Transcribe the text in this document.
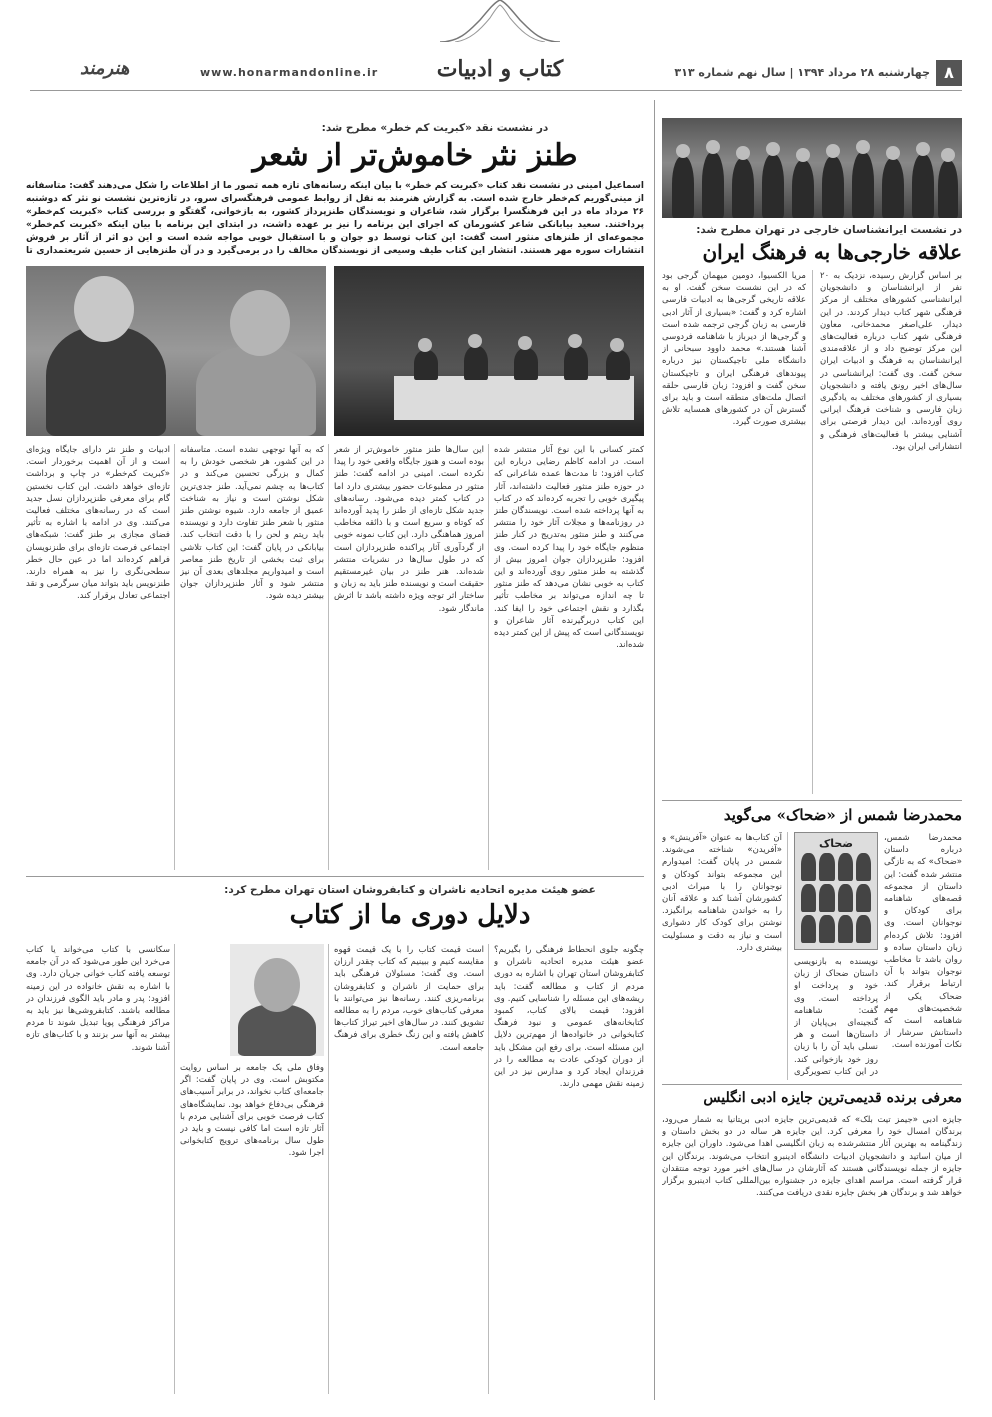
کتاب و ادبیات	۸
چهارشنبه ۲۸ مرداد ۱۳۹۴ | سال نهم شماره ۳۱۳
www.honarmandonline.ir
هنرمند
در نشست ایرانشناسان خارجی در تهران مطرح شد:
علاقه خارجی‌ها به فرهنگ ایران

بر اساس گزارش رسیده، نزدیک به ۲۰ نفر از ایرانشناسان و دانشجویان ایرانشناسی کشورهای مختلف از مرکز فرهنگی شهر کتاب دیدار کردند. در این دیدار، علی‌اصغر محمدخانی، معاون فرهنگی شهر کتاب درباره فعالیت‌های این مرکز توضیح داد و از علاقه‌مندی ایرانشناسان به فرهنگ و ادبیات ایران سخن گفت. وی گفت: ایرانشناسی در سال‌های اخیر رونق یافته و دانشجویان بسیاری از کشورهای مختلف به یادگیری زبان فارسی و شناخت فرهنگ ایرانی روی آورده‌اند. این دیدار فرصتی برای آشنایی بیشتر با فعالیت‌های فرهنگی و انتشاراتی ایران بود.

مریا الکسیوا، دومین میهمان گرجی بود که در این نشست سخن گفت. او به علاقه تاریخی گرجی‌ها به ادبیات فارسی اشاره کرد و گفت: «بسیاری از آثار ادبی فارسی به زبان گرجی ترجمه شده است و گرجی‌ها از دیرباز با شاهنامه فردوسی آشنا هستند.» محمد داوود سبحانی از دانشگاه ملی تاجیکستان نیز درباره پیوندهای فرهنگی ایران و تاجیکستان سخن گفت و افزود: زبان فارسی حلقه اتصال ملت‌های منطقه است و باید برای گسترش آن در کشورهای همسایه تلاش بیشتری صورت گیرد.

محمدرضا شمس از «ضحاک» می‌گوید

محمدرضا شمس، درباره داستان «ضحاک» که به تازگی منتشر شده گفت: این داستان از مجموعه قصه‌های شاهنامه برای کودکان و نوجوانان است. وی افزود: تلاش کرده‌ام زبان داستان ساده و روان باشد تا مخاطب نوجوان بتواند با آن ارتباط برقرار کند. ضحاک یکی از شخصیت‌های مهم شاهنامه است که داستانش سرشار از نکات آموزنده است.

ضحاک

نویسنده به بازنویسی داستان ضحاک از زبان خود و پرداخت او پرداخته است. وی گفت: شاهنامه گنجینه‌ای بی‌پایان از داستان‌ها است و هر نسلی باید آن را با زبان روز خود بازخوانی کند. در این کتاب تصویرگری

آن کتاب‌ها به عنوان «آفرینش» و «آفریدن» شناخته می‌شوند. شمس در پایان گفت: امیدوارم این مجموعه بتواند کودکان و نوجوانان را با میراث ادبی کشورشان آشنا کند و علاقه آنان را به خواندن شاهنامه برانگیزد. نوشتن برای کودک کار دشواری است و نیاز به دقت و مسئولیت بیشتری دارد.

معرفی برنده قدیمی‌ترین جایزه ادبی انگلیس
جایزه ادبی «جیمز تیت بلک» که قدیمی‌ترین جایزه ادبی بریتانیا به شمار می‌رود، برندگان امسال خود را معرفی کرد. این جایزه هر ساله در دو بخش داستان و زندگینامه به بهترین آثار منتشرشده به زبان انگلیسی اهدا می‌شود. داوران این جایزه از میان اساتید و دانشجویان ادبیات دانشگاه ادینبرو انتخاب می‌شوند. برندگان این جایزه از جمله نویسندگانی هستند که آثارشان در سال‌های اخیر مورد توجه منتقدان قرار گرفته است. مراسم اهدای جایزه در جشنواره بین‌المللی کتاب ادینبرو برگزار خواهد شد و برندگان هر بخش جایزه نقدی دریافت می‌کنند.
در نشست نقد «کبریت کم خطر» مطرح شد:
طنز نثر خاموش‌تر از شعر
اسماعیل امینی در نشست نقد کتاب «کبریت کم خطر» با بیان اینکه رسانه‌های تازه همه تصور ما از اطلاعات را شکل می‌دهند گفت: متاسفانه از مینی‌گوریم کم‌خطر خارج شده است. به گزارش هنرمند به نقل از روابط عمومی فرهنگسرای سرو، در تازه‌ترین نشست نو نثر که دوشنبه ۲۶ مرداد ماه در این فرهنگسرا برگزار شد، شاعران و نویسندگان طنزپرداز کشور، به بازخوانی، گفتگو و بررسی کتاب «کبریت کم‌خطر» پرداختند. سعید بیابانکی شاعر کشورمان که اجرای این برنامه را نیز بر عهده داشت، در ابتدای این برنامه با بیان اینکه «کبریت کم‌خطر» مجموعه‌ای از طنزهای منثور است گفت: این کتاب توسط دو جوان و با استقبال خوبی مواجه شده است و این دو اثر از آثار بر فروش انتشارات سوره مهر هستند. انتشار این کتاب طیف وسیعی از نویسندگان مخالف را در برمی‌گیرد و در آن طنزهایی از حسین شریعتمداری تا

کمتر کسانی با این نوع آثار منتشر شده است. در ادامه کاظم رضایی درباره این کتاب افزود: تا مدت‌ها عمده شاعرانی که در حوزه طنز منثور فعالیت داشته‌اند، آثار پیگیری خوبی را تجربه کرده‌اند که در کتاب به آنها پرداخته شده است. نویسندگان طنز در روزنامه‌ها و مجلات آثار خود را منتشر می‌کنند و طنز منثور به‌تدریج در کنار طنز منظوم جایگاه خود را پیدا کرده است. وی افزود: طنزپردازان جوان امروز بیش از گذشته به طنز منثور روی آورده‌اند و این کتاب به خوبی نشان می‌دهد که طنز منثور تا چه اندازه می‌تواند بر مخاطب تأثیر بگذارد و نقش اجتماعی خود را ایفا کند. این کتاب دربرگیرنده آثار شاعران و نویسندگانی است که پیش از این کمتر دیده شده‌اند.

این سال‌ها طنز منثور خاموش‌تر از شعر بوده است و هنوز جایگاه واقعی خود را پیدا نکرده است. امینی در ادامه گفت: طنز منثور در مطبوعات حضور بیشتری دارد اما در کتاب کمتر دیده می‌شود. رسانه‌های جدید شکل تازه‌ای از طنز را پدید آورده‌اند که کوتاه و سریع است و با ذائقه مخاطب امروز هماهنگی دارد. این کتاب نمونه خوبی از گردآوری آثار پراکنده طنزپردازان است که در طول سال‌ها در نشریات منتشر شده‌اند. هنر طنز در بیان غیرمستقیم حقیقت است و نویسنده طنز باید به زبان و ساختار اثر توجه ویژه داشته باشد تا اثرش ماندگار شود.

که به آنها توجهی نشده است. متاسفانه در این کشور، هر شخصی خودش را به کمال و بزرگی تحسین می‌کند و در کتاب‌ها به چشم نمی‌آید. طنز جدی‌ترین شکل نوشتن است و نیاز به شناخت عمیق از جامعه دارد. شیوه نوشتن طنز منثور با شعر طنز تفاوت دارد و نویسنده باید ریتم و لحن را با دقت انتخاب کند. بیابانکی در پایان گفت: این کتاب تلاشی برای ثبت بخشی از تاریخ طنز معاصر است و امیدواریم مجلدهای بعدی آن نیز منتشر شود و آثار طنزپردازان جوان بیشتر دیده شود.

ادبیات و طنز نثر دارای جایگاه ویژه‌ای است و از آن اهمیت برخوردار است. «کبریت کم‌خطر» در چاپ و برداشت تازه‌ای خواهد داشت. این کتاب نخستین گام برای معرفی طنزپردازان نسل جدید است که در رسانه‌های مختلف فعالیت می‌کنند. وی در ادامه با اشاره به تأثیر فضای مجازی بر طنز گفت: شبکه‌های اجتماعی فرصت تازه‌ای برای طنزنویسان فراهم کرده‌اند اما در عین حال خطر سطحی‌نگری را نیز به همراه دارند. طنزنویس باید بتواند میان سرگرمی و نقد اجتماعی تعادل برقرار کند.

عضو هیئت مدیره اتحادیه ناشران و کتابفروشان استان تهران مطرح کرد:
دلایل دوری ما از کتاب

چگونه جلوی انحطاط فرهنگی را بگیریم؟ عضو هیئت مدیره اتحادیه ناشران و کتابفروشان استان تهران با اشاره به دوری مردم از کتاب و مطالعه گفت: باید ریشه‌های این مسئله را شناسایی کنیم. وی افزود: قیمت بالای کتاب، کمبود کتابخانه‌های عمومی و نبود فرهنگ کتابخوانی در خانواده‌ها از مهم‌ترین دلایل این مسئله است. برای رفع این مشکل باید از دوران کودکی عادت به مطالعه را در فرزندان ایجاد کرد و مدارس نیز در این زمینه نقش مهمی دارند.

است قیمت کتاب را با یک قیمت قهوه مقایسه کنیم و ببینیم که کتاب چقدر ارزان است. وی گفت: مسئولان فرهنگی باید برای حمایت از ناشران و کتابفروشان برنامه‌ریزی کنند. رسانه‌ها نیز می‌توانند با معرفی کتاب‌های خوب، مردم را به مطالعه تشویق کنند. در سال‌های اخیر تیراژ کتاب‌ها کاهش یافته و این زنگ خطری برای فرهنگ جامعه است.

وفاق ملی یک جامعه بر اساس روایت مکتوبش است. وی در پایان گفت: اگر جامعه‌ای کتاب نخواند، در برابر آسیب‌های فرهنگی بی‌دفاع خواهد بود. نمایشگاه‌های کتاب فرصت خوبی برای آشنایی مردم با آثار تازه است اما کافی نیست و باید در طول سال برنامه‌های ترویج کتابخوانی اجرا شود.

سکانسی با کتاب می‌خواند یا کتاب می‌خرد این طور می‌شود که در آن جامعه توسعه یافته کتاب خوانی جریان دارد. وی با اشاره به نقش خانواده در این زمینه افزود: پدر و مادر باید الگوی فرزندان در مطالعه باشند. کتابفروشی‌ها نیز باید به مراکز فرهنگی پویا تبدیل شوند تا مردم بیشتر به آنها سر بزنند و با کتاب‌های تازه آشنا شوند.
